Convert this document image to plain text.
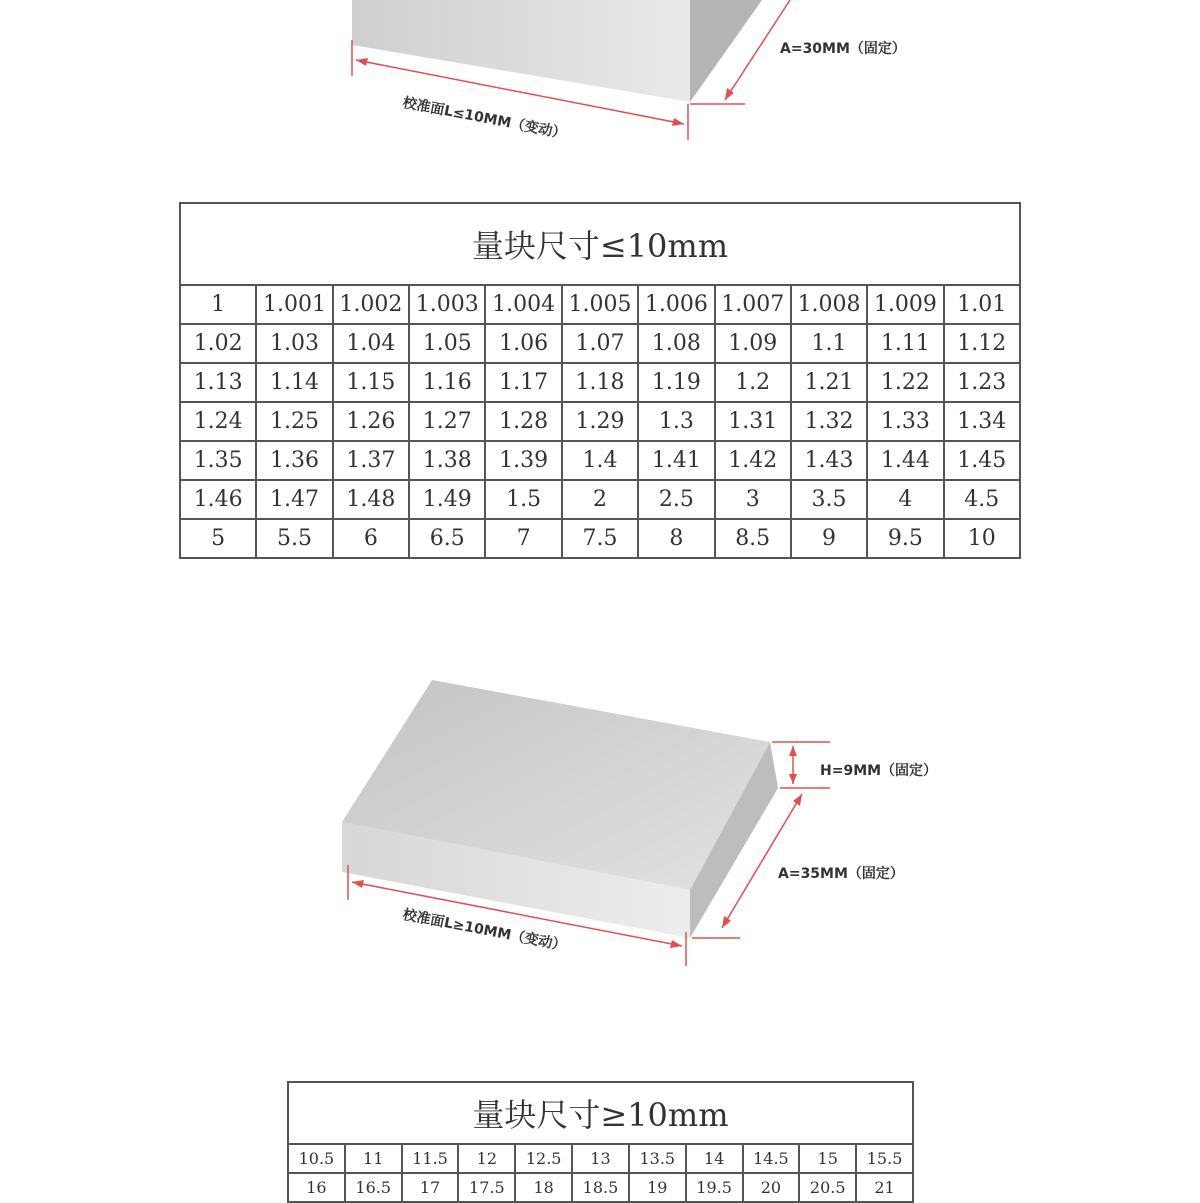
A=30MM（固定）
校准面L≤10MM（变动）
量块尺寸≤10mm										
1	1.001	1.002	1.003	1.004	1.005	1.006	1.007	1.008	1.009	1.01
1.02	1.03	1.04	1.05	1.06	1.07	1.08	1.09	1.1	1.11	1.12
1.13	1.14	1.15	1.16	1.17	1.18	1.19	1.2	1.21	1.22	1.23
1.24	1.25	1.26	1.27	1.28	1.29	1.3	1.31	1.32	1.33	1.34
1.35	1.36	1.37	1.38	1.39	1.4	1.41	1.42	1.43	1.44	1.45
1.46	1.47	1.48	1.49	1.5	2	2.5	3	3.5	4	4.5
5	5.5	6	6.5	7	7.5	8	8.5	9	9.5	10
H=9MM（固定）
A=35MM（固定）
校准面L≥10MM（变动）
量块尺寸≥10mm										
10.5	11	11.5	12	12.5	13	13.5	14	14.5	15	15.5
16	16.5	17	17.5	18	18.5	19	19.5	20	20.5	21
